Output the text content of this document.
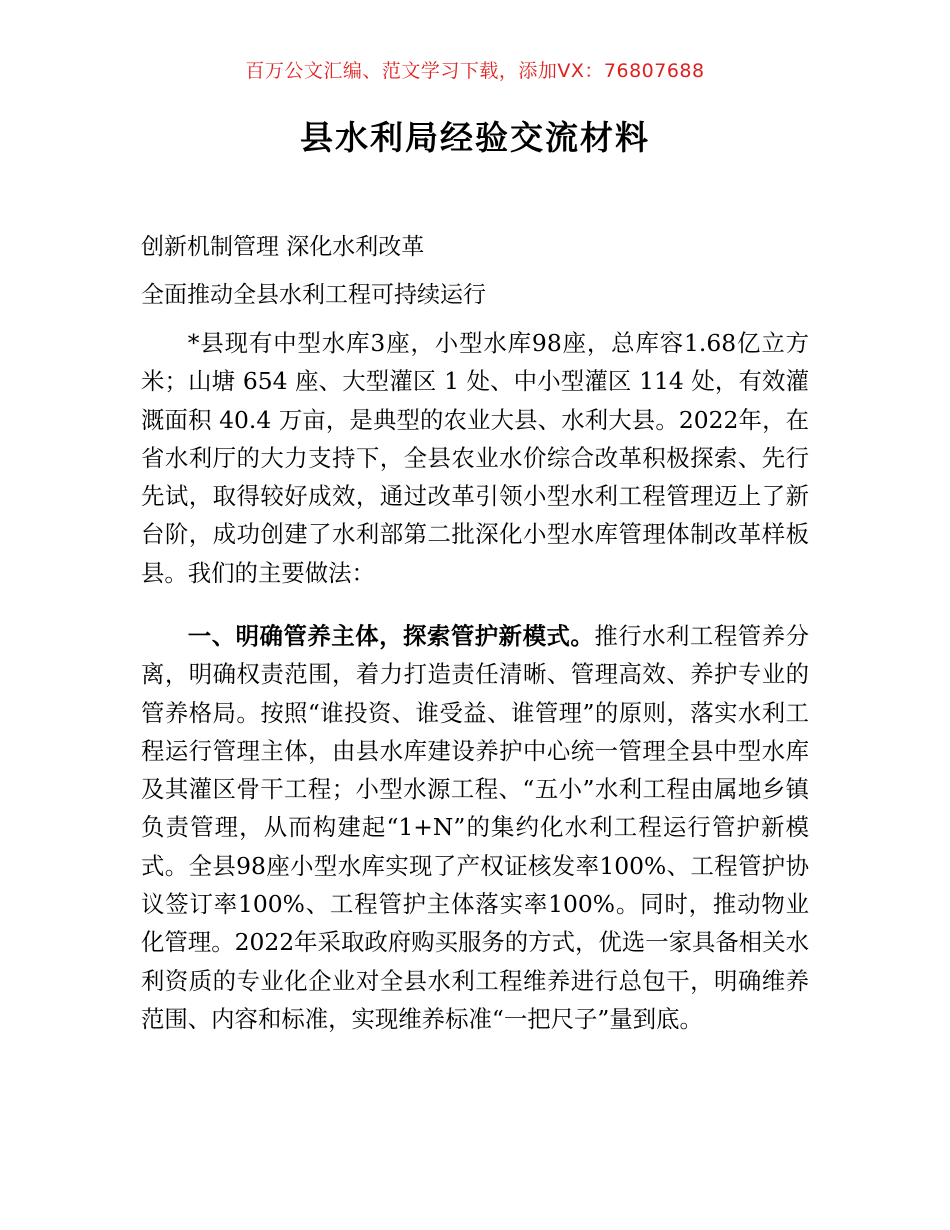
百万公文汇编、范文学习下载，添加VX：76807688
县水利局经验交流材料

创新机制管理 深化水利改革

全面推动全县水利工程可持续运行

*县现有中型水库3座，小型水库98座，总库容1.68亿立方米；山塘 654 座、大型灌区 1 处、中小型灌区 114 处，有效灌溉面积 40.4 万亩，是典型的农业大县、水利大县。2022年，在省水利厅的大力支持下，全县农业水价综合改革积极探索、先行先试，取得较好成效，通过改革引领小型水利工程管理迈上了新台阶，成功创建了水利部第二批深化小型水库管理体制改革样板县。我们的主要做法：

一、明确管养主体，探索管护新模式。推行水利工程管养分离，明确权责范围，着力打造责任清晰、管理高效、养护专业的管养格局。按照“谁投资、谁受益、谁管理”的原则，落实水利工程运行管理主体，由县水库建设养护中心统一管理全县中型水库及其灌区骨干工程；小型水源工程、“五小”水利工程由属地乡镇负责管理，从而构建起“1+N”的集约化水利工程运行管护新模式。全县98座小型水库实现了产权证核发率100%、工程管护协议签订率100%、工程管护主体落实率100%。同时，推动物业化管理。2022年采取政府购买服务的方式，优选一家具备相关水利资质的专业化企业对全县水利工程维养进行总包干，明确维养范围、内容和标准，实现维养标准“一把尺子”量到底。
